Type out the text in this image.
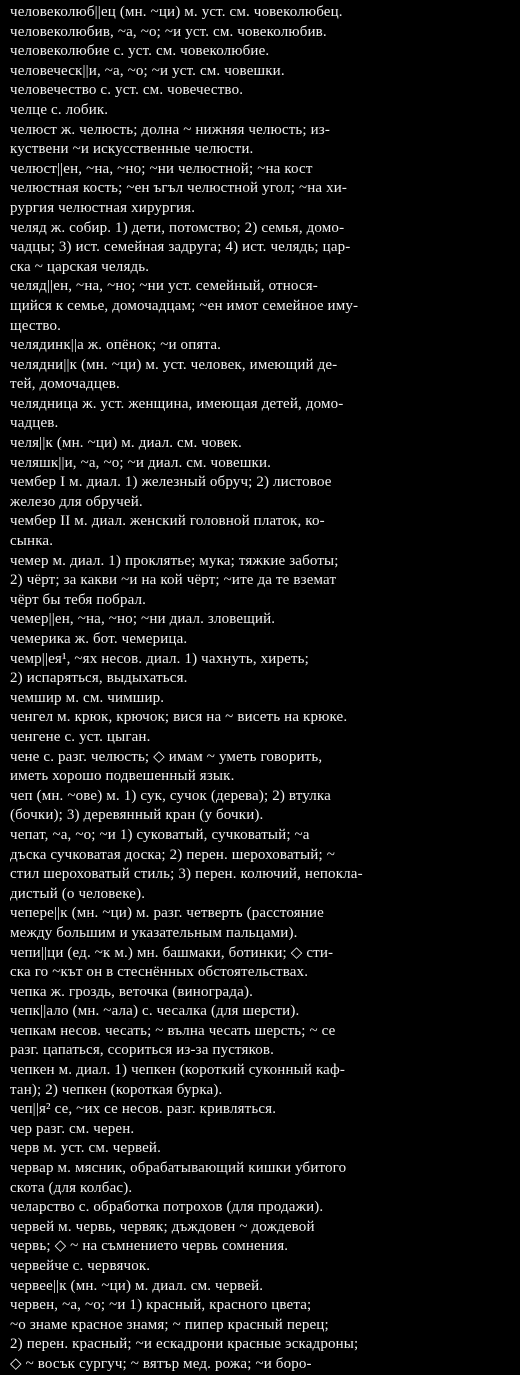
человеколюб||ец (мн. ~ци) м. уст. см. човеколюбец.
человеколюбив, ~а, ~о; ~и уст. см. човеколюбив.
человеколюбие с. уст. см. човеколюбие.
человеческ||и, ~а, ~о; ~и уст. см. човешки.
человечество с. уст. см. човечество.
челце с. лобик.
челюст ж. челюсть; долна ~ нижняя челюсть; из-
куствени ~и искусственные челюсти.
челюст||ен, ~на, ~но; ~ни челюстной; ~на кост
челюстная кость; ~ен ъгъл челюстной угол; ~на хи-
рургия челюстная хирургия.
челяд ж. собир. 1) дети, потомство; 2) семья, домо-
чадцы; 3) ист. семейная задруга; 4) ист. челядь; цар-
ска ~ царская челядь.
челяд||ен, ~на, ~но; ~ни уст. семейный, относя-
щийся к семье, домочадцам; ~ен имот семейное иму-
щество.
челядинк||а ж. опёнок; ~и опята.
челядни||к (мн. ~ци) м. уст. человек, имеющий де-
тей, домочадцев.
челядница ж. уст. женщина, имеющая детей, домо-
чадцев.
челя||к (мн. ~ци) м. диал. см. човек.
челяшк||и, ~а, ~о; ~и диал. см. човешки.
чембер I м. диал. 1) железный обруч; 2) листовое
железо для обручей.
чембер II м. диал. женский головной платок, ко-
сынка.
чемер м. диал. 1) проклятье; мука; тяжкие заботы;
2) чёрт; за какви ~и на кой чёрт; ~ите да те вземат
чёрт бы тебя побрал.
чемер||ен, ~на, ~но; ~ни диал. зловещий.
чемерика ж. бот. чемерица.
чемр||ея¹, ~ях несов. диал. 1) чахнуть, хиреть;
2) испаряться, выдыхаться.
чемшир м. см. чимшир.
ченгел м. крюк, крючок; вися на ~ висеть на крюке.
ченгене с. уст. цыган.
чене с. разг. челюсть; ◇ имам ~ уметь говорить,
иметь хорошо подвешенный язык.
чеп (мн. ~ове) м. 1) сук, сучок (дерева); 2) втулка
(бочки); 3) деревянный кран (у бочки).
чепат, ~а, ~о; ~и 1) суковатый, сучковатый; ~а
дъска сучковатая доска; 2) перен. шероховатый; ~
стил шероховатый стиль; 3) перен. колючий, непокла-
дистый (о человеке).
чепере||к (мн. ~ци) м. разг. четверть (расстояние
между большим и указательным пальцами).
чепи||ци (ед. ~к м.) мн. башмаки, ботинки; ◇ сти-
ска го ~кът он в стеснённых обстоятельствах.
чепка ж. гроздь, веточка (винограда).
чепк||ало (мн. ~ала) с. чесалка (для шерсти).
чепкам несов. чесать; ~ вълна чесать шерсть; ~ се
разг. цапаться, ссориться из-за пустяков.
чепкен м. диал. 1) чепкен (короткий суконный каф-
тан); 2) чепкен (короткая бурка).
чеп||я² се, ~их се несов. разг. кривляться.
чер разг. см. черен.
черв м. уст. см. червей.
червар м. мясник, обрабатывающий кишки убитого
скота (для колбас).
челарство с. обработка потрохов (для продажи).
червей м. червь, червяк; дъждовен ~ дождевой
червь; ◇ ~ на съмнението червь сомнения.
червейче с. червячок.
червее||к (мн. ~ци) м. диал. см. червей.
червен, ~а, ~о; ~и 1) красный, красного цвета;
~о знаме красное знамя; ~ пипер красный перец;
2) перен. красный; ~и ескадрони красные эскадроны;
◇ ~ восък сургуч; ~ вятър мед. рожа; ~и боро-
